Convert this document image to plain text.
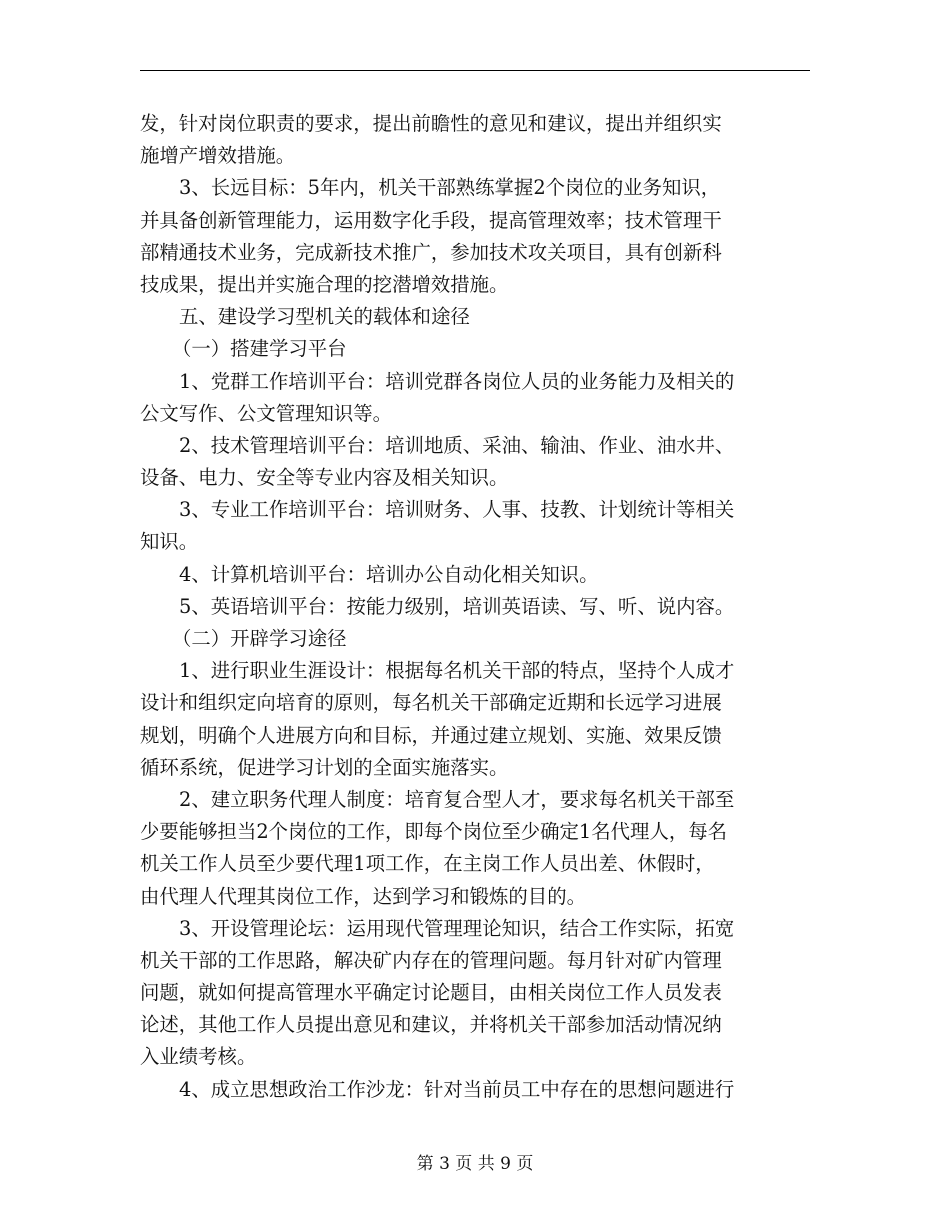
发，针对岗位职责的要求，提出前瞻性的意见和建议，提出并组织实
施增产增效措施。
3、长远目标：5年内，机关干部熟练掌握2个岗位的业务知识，
并具备创新管理能力，运用数字化手段，提高管理效率；技术管理干
部精通技术业务，完成新技术推广，参加技术攻关项目，具有创新科
技成果，提出并实施合理的挖潜增效措施。
五、建设学习型机关的载体和途径
（一）搭建学习平台
1、党群工作培训平台：培训党群各岗位人员的业务能力及相关的
公文写作、公文管理知识等。
2、技术管理培训平台：培训地质、采油、输油、作业、油水井、
设备、电力、安全等专业内容及相关知识。
3、专业工作培训平台：培训财务、人事、技教、计划统计等相关
知识。
4、计算机培训平台：培训办公自动化相关知识。
5、英语培训平台：按能力级别，培训英语读、写、听、说内容。
（二）开辟学习途径
1、进行职业生涯设计：根据每名机关干部的特点，坚持个人成才
设计和组织定向培育的原则，每名机关干部确定近期和长远学习进展
规划，明确个人进展方向和目标，并通过建立规划、实施、效果反馈
循环系统，促进学习计划的全面实施落实。
2、建立职务代理人制度：培育复合型人才，要求每名机关干部至
少要能够担当2个岗位的工作，即每个岗位至少确定1名代理人，每名
机关工作人员至少要代理1项工作，在主岗工作人员出差、休假时，
由代理人代理其岗位工作，达到学习和锻炼的目的。
3、开设管理论坛：运用现代管理理论知识，结合工作实际，拓宽
机关干部的工作思路，解决矿内存在的管理问题。每月针对矿内管理
问题，就如何提高管理水平确定讨论题目，由相关岗位工作人员发表
论述，其他工作人员提出意见和建议，并将机关干部参加活动情况纳
入业绩考核。
4、成立思想政治工作沙龙：针对当前员工中存在的思想问题进行
第 3 页 共 9 页
